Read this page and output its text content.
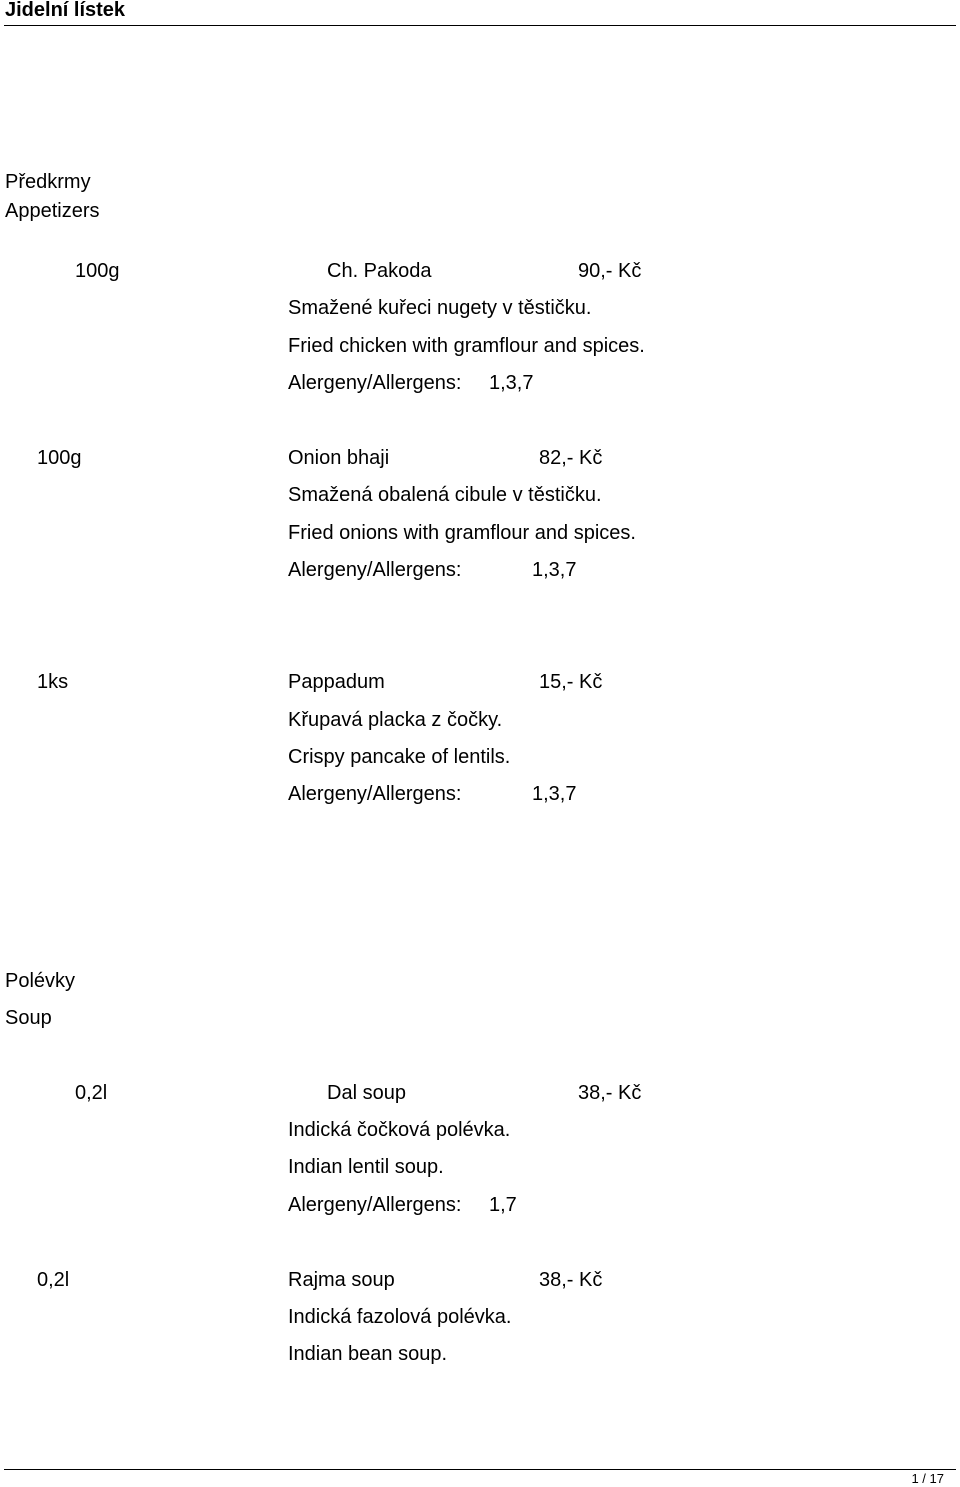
Jidelní lístek
Předkrmy
Appetizers
100g	Ch. Pakoda	90,- Kč
Smažené kuřeci nugety v těstičku.
Fried chicken with gramflour and spices.
Alergeny/Allergens: 1,3,7
100g	Onion bhaji	82,- Kč
Smažená obalená cibule v těstičku.
Fried onions with gramflour and spices.
Alergeny/Allergens:	1,3,7
1ks	Pappadum	15,- Kč
Křupavá placka z čočky.
Crispy pancake of lentils.
Alergeny/Allergens:	1,3,7
Polévky
Soup
0,2l	Dal soup	38,- Kč
Indická čočková polévka.
Indian lentil soup.
Alergeny/Allergens: 1,7
0,2l	Rajma soup	38,- Kč
Indická fazolová polévka.
Indian bean soup.
1 / 17
